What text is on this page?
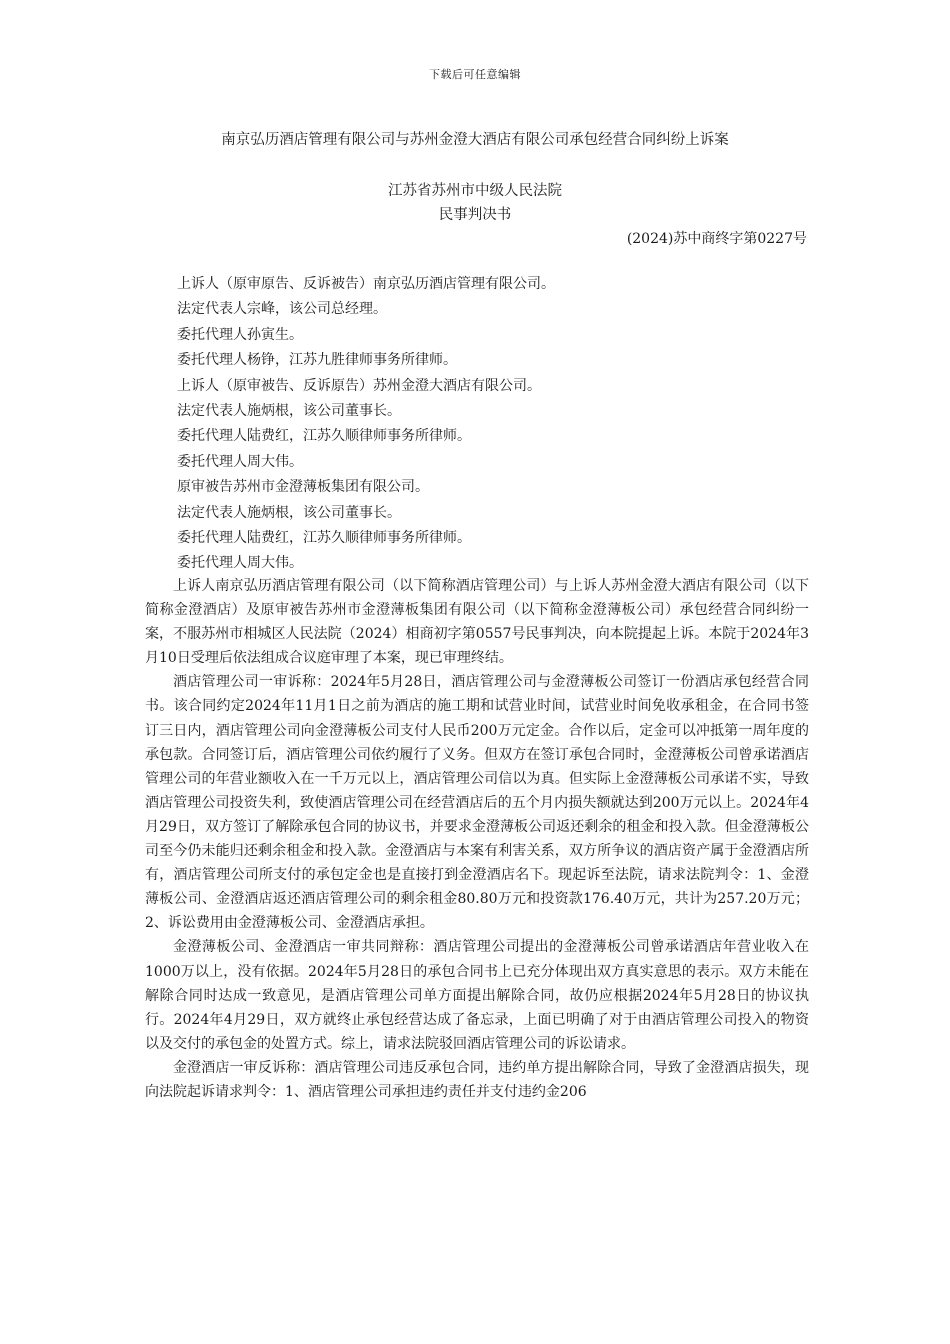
下载后可任意编辑
南京弘历酒店管理有限公司与苏州金澄大酒店有限公司承包经营合同纠纷上诉案
江苏省苏州市中级人民法院
民事判决书
(2024)苏中商终字第0227号
上诉人（原审原告、反诉被告）南京弘历酒店管理有限公司。
法定代表人宗峰，该公司总经理。
委托代理人孙寅生。
委托代理人杨铮，江苏九胜律师事务所律师。
上诉人（原审被告、反诉原告）苏州金澄大酒店有限公司。
法定代表人施炳根，该公司董事长。
委托代理人陆费红，江苏久顺律师事务所律师。
委托代理人周大伟。
原审被告苏州市金澄薄板集团有限公司。
法定代表人施炳根，该公司董事长。
委托代理人陆费红，江苏久顺律师事务所律师。
委托代理人周大伟。

上诉人南京弘历酒店管理有限公司（以下简称酒店管理公司）与上诉人苏州金澄大酒店有限公司（以下简称金澄酒店）及原审被告苏州市金澄薄板集团有限公司（以下简称金澄薄板公司）承包经营合同纠纷一案，不服苏州市相城区人民法院（2024）相商初字第0557号民事判决，向本院提起上诉。本院于2024年3月10日受理后依法组成合议庭审理了本案，现已审理终结。

酒店管理公司一审诉称：2024年5月28日，酒店管理公司与金澄薄板公司签订一份酒店承包经营合同书。该合同约定2024年11月1日之前为酒店的施工期和试营业时间，试营业时间免收承租金，在合同书签订三日内，酒店管理公司向金澄薄板公司支付人民币200万元定金。合作以后，定金可以冲抵第一周年度的承包款。合同签订后，酒店管理公司依约履行了义务。但双方在签订承包合同时，金澄薄板公司曾承诺酒店管理公司的年营业额收入在一千万元以上，酒店管理公司信以为真。但实际上金澄薄板公司承诺不实，导致酒店管理公司投资失利，致使酒店管理公司在经营酒店后的五个月内损失额就达到200万元以上。2024年4月29日，双方签订了解除承包合同的协议书，并要求金澄薄板公司返还剩余的租金和投入款。但金澄薄板公司至今仍未能归还剩余租金和投入款。金澄酒店与本案有利害关系，双方所争议的酒店资产属于金澄酒店所有，酒店管理公司所支付的承包定金也是直接打到金澄酒店名下。现起诉至法院，请求法院判令：1、金澄薄板公司、金澄酒店返还酒店管理公司的剩余租金80.80万元和投资款176.40万元，共计为257.20万元；2、诉讼费用由金澄薄板公司、金澄酒店承担。

金澄薄板公司、金澄酒店一审共同辩称：酒店管理公司提出的金澄薄板公司曾承诺酒店年营业收入在1000万以上，没有依据。2024年5月28日的承包合同书上已充分体现出双方真实意思的表示。双方未能在解除合同时达成一致意见，是酒店管理公司单方面提出解除合同，故仍应根据2024年5月28日的协议执行。2024年4月29日，双方就终止承包经营达成了备忘录，上面已明确了对于由酒店管理公司投入的物资以及交付的承包金的处置方式。综上，请求法院驳回酒店管理公司的诉讼请求。

金澄酒店一审反诉称：酒店管理公司违反承包合同，违约单方提出解除合同，导致了金澄酒店损失，现向法院起诉请求判令：1、酒店管理公司承担违约责任并支付违约金206
